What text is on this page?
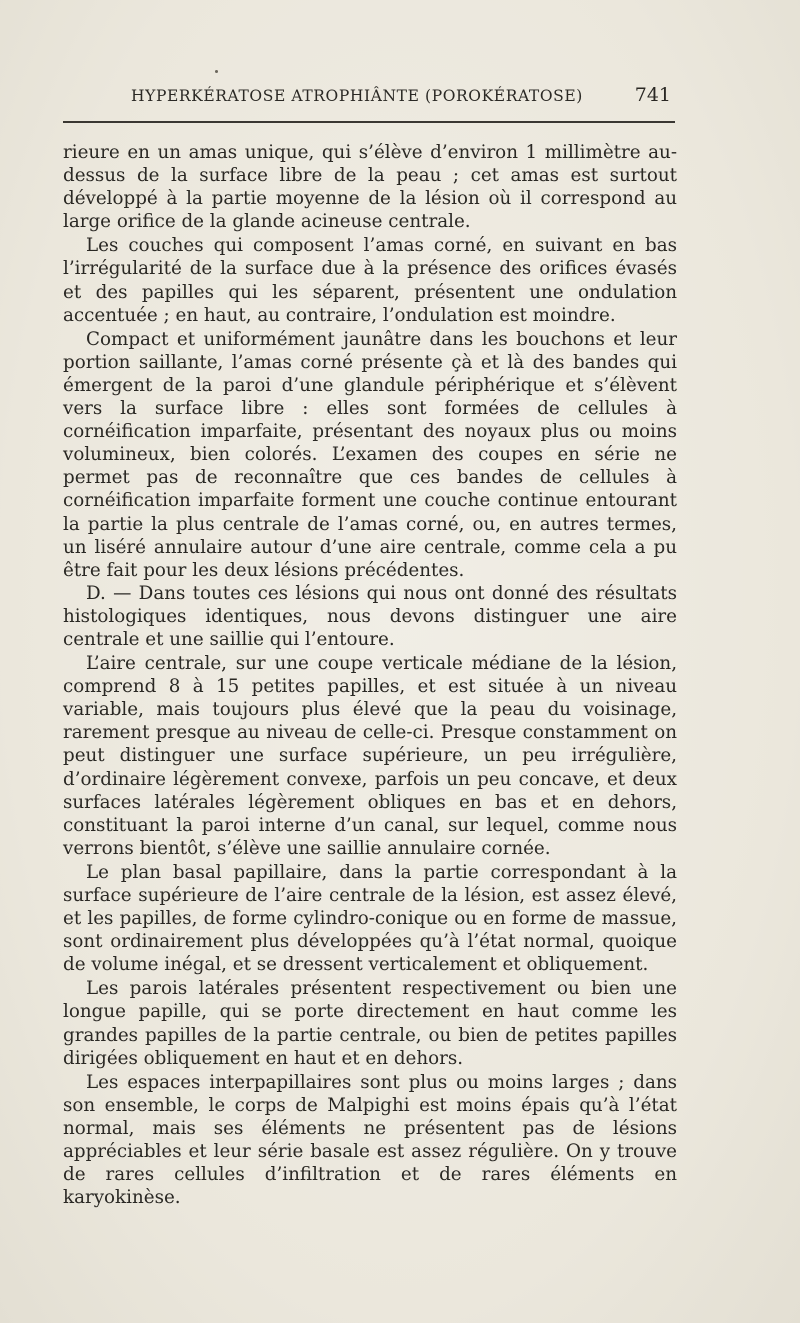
HYPERKÉRATOSE ATROPHIÂNTE (POROKÉRATOSE)	741

rieure en un amas unique, qui s’élève d’environ 1 millimètre au-dessus de la surface libre de la peau ; cet amas est surtout développé à la partie moyenne de la lésion où il correspond au large orifice de la glande acineuse centrale.

Les couches qui composent l’amas corné, en suivant en bas l’irrégularité de la surface due à la présence des orifices évasés et des papilles qui les séparent, présentent une ondulation accentuée ; en haut, au contraire, l’ondulation est moindre.

Compact et uniformément jaunâtre dans les bouchons et leur portion saillante, l’amas corné présente çà et là des bandes qui émergent de la paroi d’une glandule périphérique et s’élèvent vers la surface libre : elles sont formées de cellules à cornéification imparfaite, présentant des noyaux plus ou moins volumineux, bien colorés. L’examen des coupes en série ne permet pas de reconnaître que ces bandes de cellules à cornéification imparfaite forment une couche continue entourant la partie la plus centrale de l’amas corné, ou, en autres termes, un liséré annulaire autour d’une aire centrale, comme cela a pu être fait pour les deux lésions précédentes.

D. — Dans toutes ces lésions qui nous ont donné des résultats histologiques identiques, nous devons distinguer une aire centrale et une saillie qui l’entoure.

L’aire centrale, sur une coupe verticale médiane de la lésion, comprend 8 à 15 petites papilles, et est située à un niveau variable, mais toujours plus élevé que la peau du voisinage, rarement presque au niveau de celle-ci. Presque constamment on peut distinguer une surface supérieure, un peu irrégulière, d’ordinaire légèrement convexe, parfois un peu concave, et deux surfaces latérales légèrement obliques en bas et en dehors, constituant la paroi interne d’un canal, sur lequel, comme nous verrons bientôt, s’élève une saillie annulaire cornée.

Le plan basal papillaire, dans la partie correspondant à la surface supérieure de l’aire centrale de la lésion, est assez élevé, et les papilles, de forme cylindro-conique ou en forme de massue, sont ordinairement plus développées qu’à l’état normal, quoique de volume inégal, et se dressent verticalement et obliquement.

Les parois latérales présentent respectivement ou bien une longue papille, qui se porte directement en haut comme les grandes papilles de la partie centrale, ou bien de petites papilles dirigées obliquement en haut et en dehors.

Les espaces interpapillaires sont plus ou moins larges ; dans son ensemble, le corps de Malpighi est moins épais qu’à l’état normal, mais ses éléments ne présentent pas de lésions appréciables et leur série basale est assez régulière. On y trouve de rares cellules d’infiltration et de rares éléments en karyokinèse.
